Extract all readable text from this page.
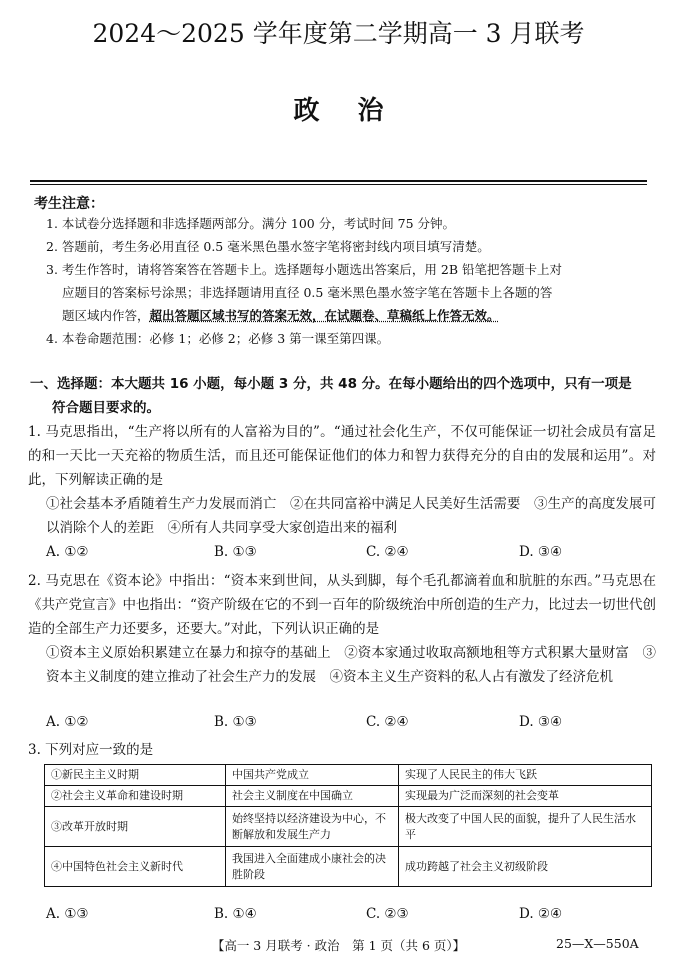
2024～2025 学年度第二学期高一 3 月联考
政治
考生注意：
1. 本试卷分选择题和非选择题两部分。满分 100 分，考试时间 75 分钟。
2. 答题前，考生务必用直径 0.5 毫米黑色墨水签字笔将密封线内项目填写清楚。
3. 考生作答时，请将答案答在答题卡上。选择题每小题选出答案后，用 2B 铅笔把答题卡上对
应题目的答案标号涂黑；非选择题请用直径 0.5 毫米黑色墨水签字笔在答题卡上各题的答
题区域内作答，超出答题区域书写的答案无效，在试题卷、草稿纸上作答无效。
4. 本卷命题范围：必修 1；必修 2；必修 3 第一课至第四课。
一、选择题：本大题共 16 小题，每小题 3 分，共 48 分。在每小题给出的四个选项中，只有一项是
符合题目要求的。
1. 马克思指出，“生产将以所有的人富裕为目的”。“通过社会化生产，不仅可能保证一切社会成员有富足的和一天比一天充裕的物质生活，而且还可能保证他们的体力和智力获得充分的自由的发展和运用”。对此，下列解读正确的是
①社会基本矛盾随着生产力发展而消亡　②在共同富裕中满足人民美好生活需要　③生产的高度发展可以消除个人的差距　④所有人共同享受大家创造出来的福利
A. ①②	B. ①③	C. ②④	D. ③④
2. 马克思在《资本论》中指出：“资本来到世间，从头到脚，每个毛孔都滴着血和肮脏的东西。”马克思在《共产党宣言》中也指出：“资产阶级在它的不到一百年的阶级统治中所创造的生产力，比过去一切世代创造的全部生产力还要多，还要大。”对此，下列认识正确的是
①资本主义原始积累建立在暴力和掠夺的基础上　②资本家通过收取高额地租等方式积累大量财富　③资本主义制度的建立推动了社会生产力的发展　④资本主义生产资料的私人占有激发了经济危机
A. ①②	B. ①③	C. ②④	D. ③④
3. 下列对应一致的是
①新民主主义时期	中国共产党成立	实现了人民民主的伟大飞跃
②社会主义革命和建设时期	社会主义制度在中国确立	实现最为广泛而深刻的社会变革
③改革开放时期	始终坚持以经济建设为中心，不断解放和发展生产力	极大改变了中国人民的面貌，提升了人民生活水平
④中国特色社会主义新时代	我国进入全面建成小康社会的决胜阶段	成功跨越了社会主义初级阶段
A. ①③	B. ①④	C. ②③	D. ②④
【高一 3 月联考 · 政治　第 1 页（共 6 页）】	25—X—550A
